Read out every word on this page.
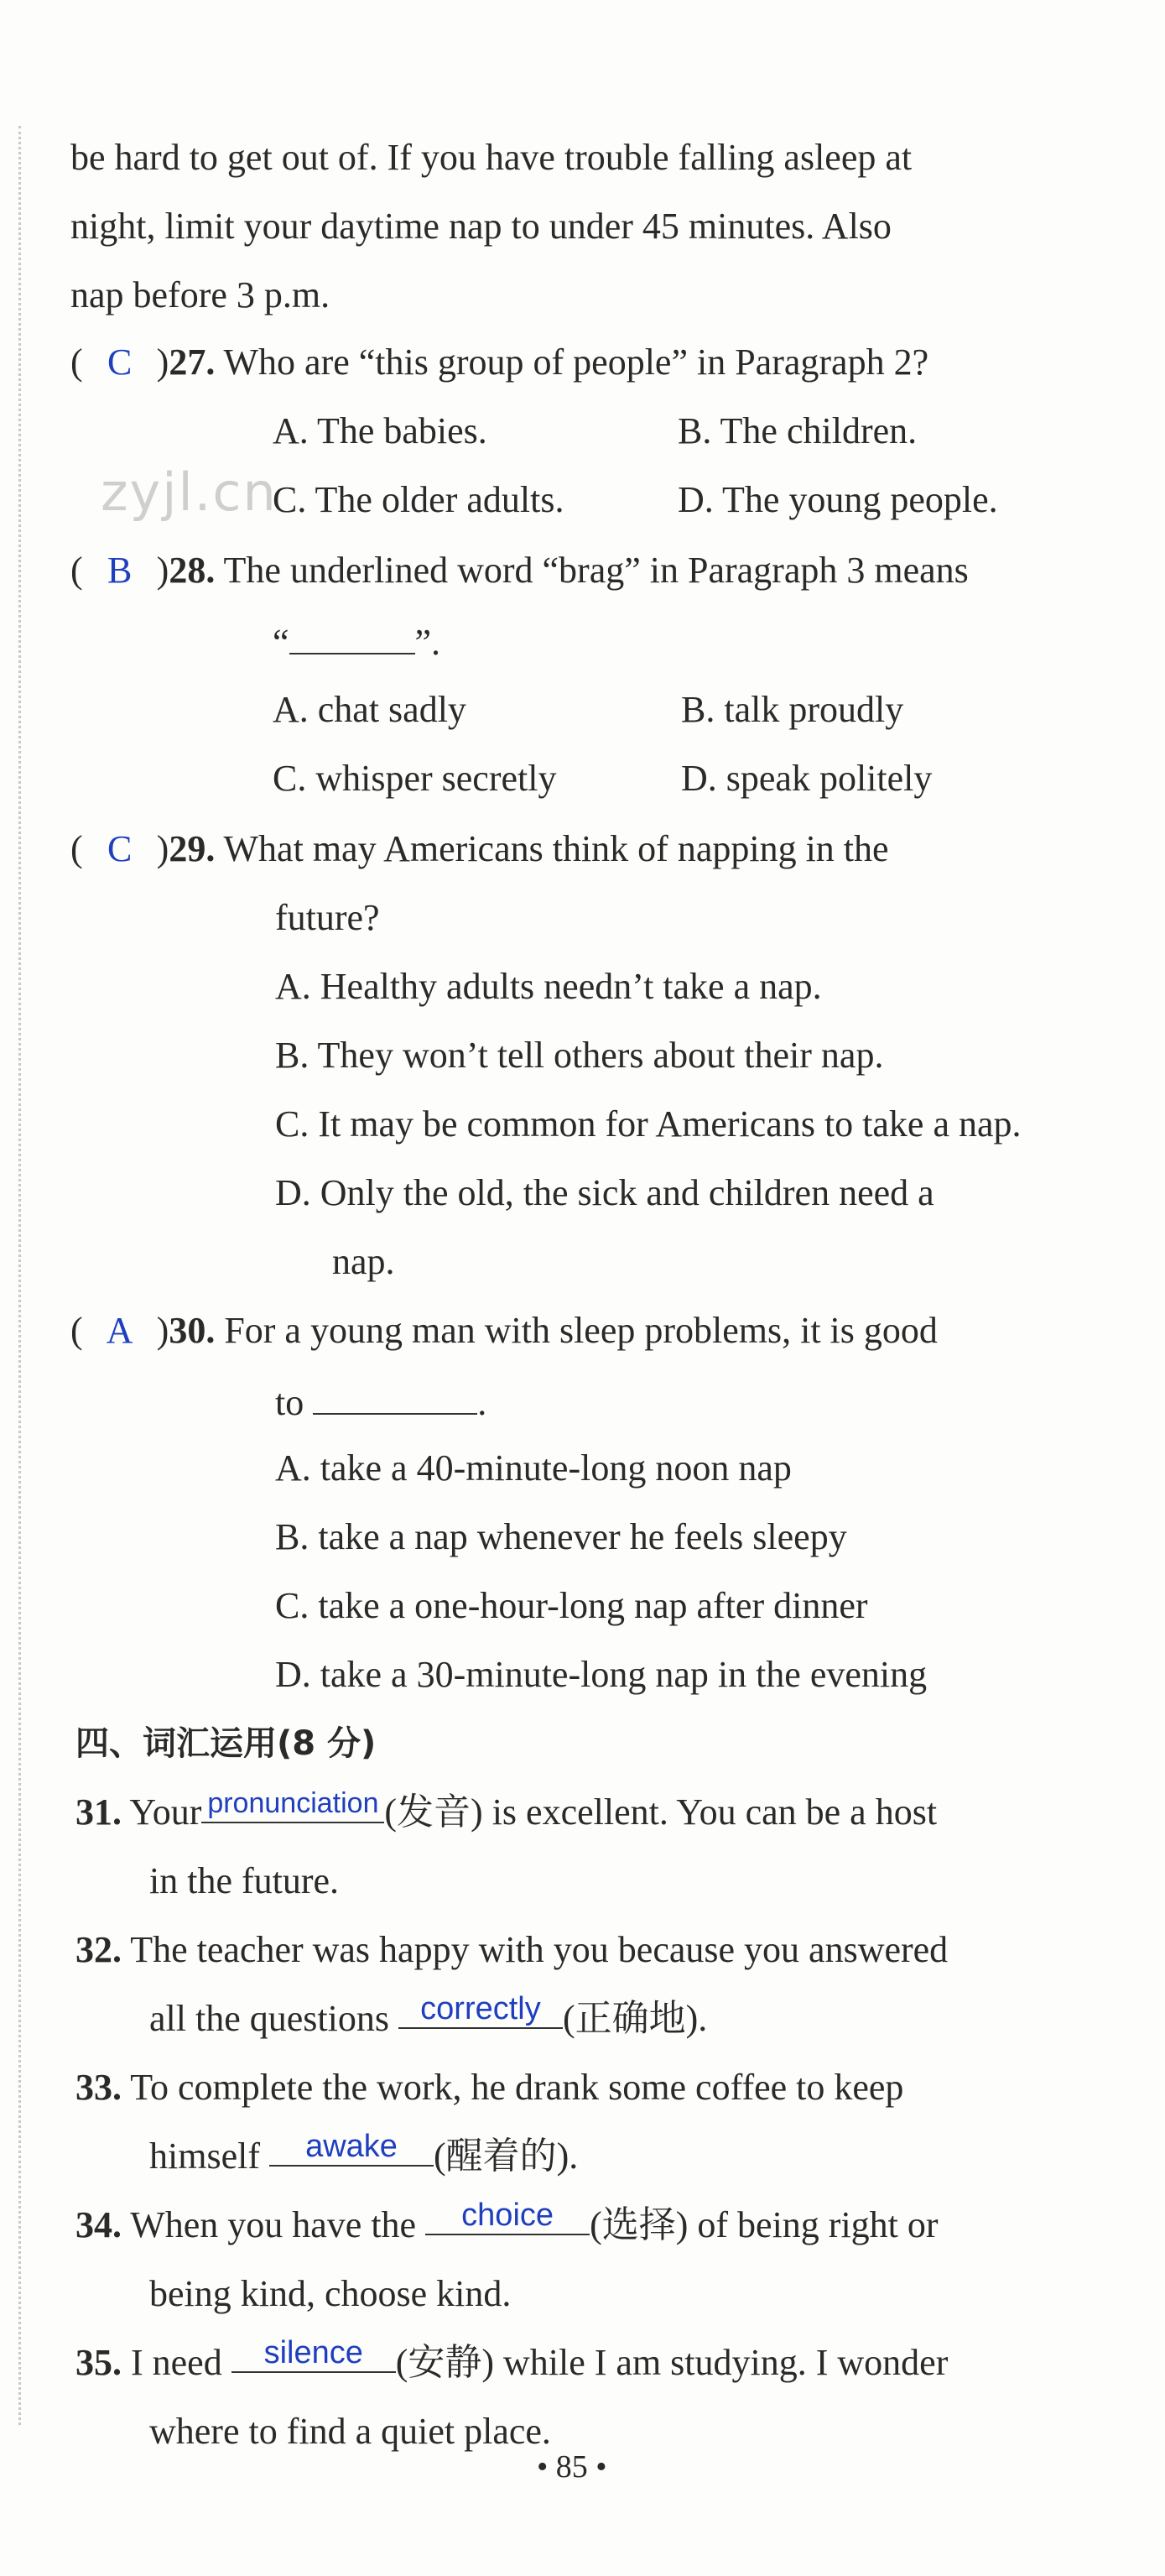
be hard to get out of. If you have trouble falling asleep at
night, limit your daytime nap to under 45 minutes. Also
nap before 3 p.m.
zyjl.cn
( C )27. Who are “this group of people” in Paragraph 2?
A. The babies.	B. The children.
C. The older adults.	D. The young people.
( B )28. The underlined word “brag” in Paragraph 3 means
“	”.
A. chat sadly	B. talk proudly
C. whisper secretly	D. speak politely
( C )29. What may Americans think of napping in the
future?
A. Healthy adults needn’t take a nap.
B. They won’t tell others about their nap.
C. It may be common for Americans to take a nap.
D. Only the old, the sick and children need a
nap.
( A )30. For a young man with sleep problems, it is good
to	.
A. take a 40-minute-long noon nap
B. take a nap whenever he feels sleepy
C. take a one-hour-long nap after dinner
D. take a 30-minute-long nap in the evening
四、词汇运用(8 分)
31. Your pronunciation (发音) is excellent. You can be a host
in the future.
32. The teacher was happy with you because you answered
all the questions correctly (正确地).
33. To complete the work, he drank some coffee to keep
himself awake (醒着的).
34. When you have the choice (选择) of being right or
being kind, choose kind.
35. I need silence (安静) while I am studying. I wonder
where to find a quiet place.
• 85 •
